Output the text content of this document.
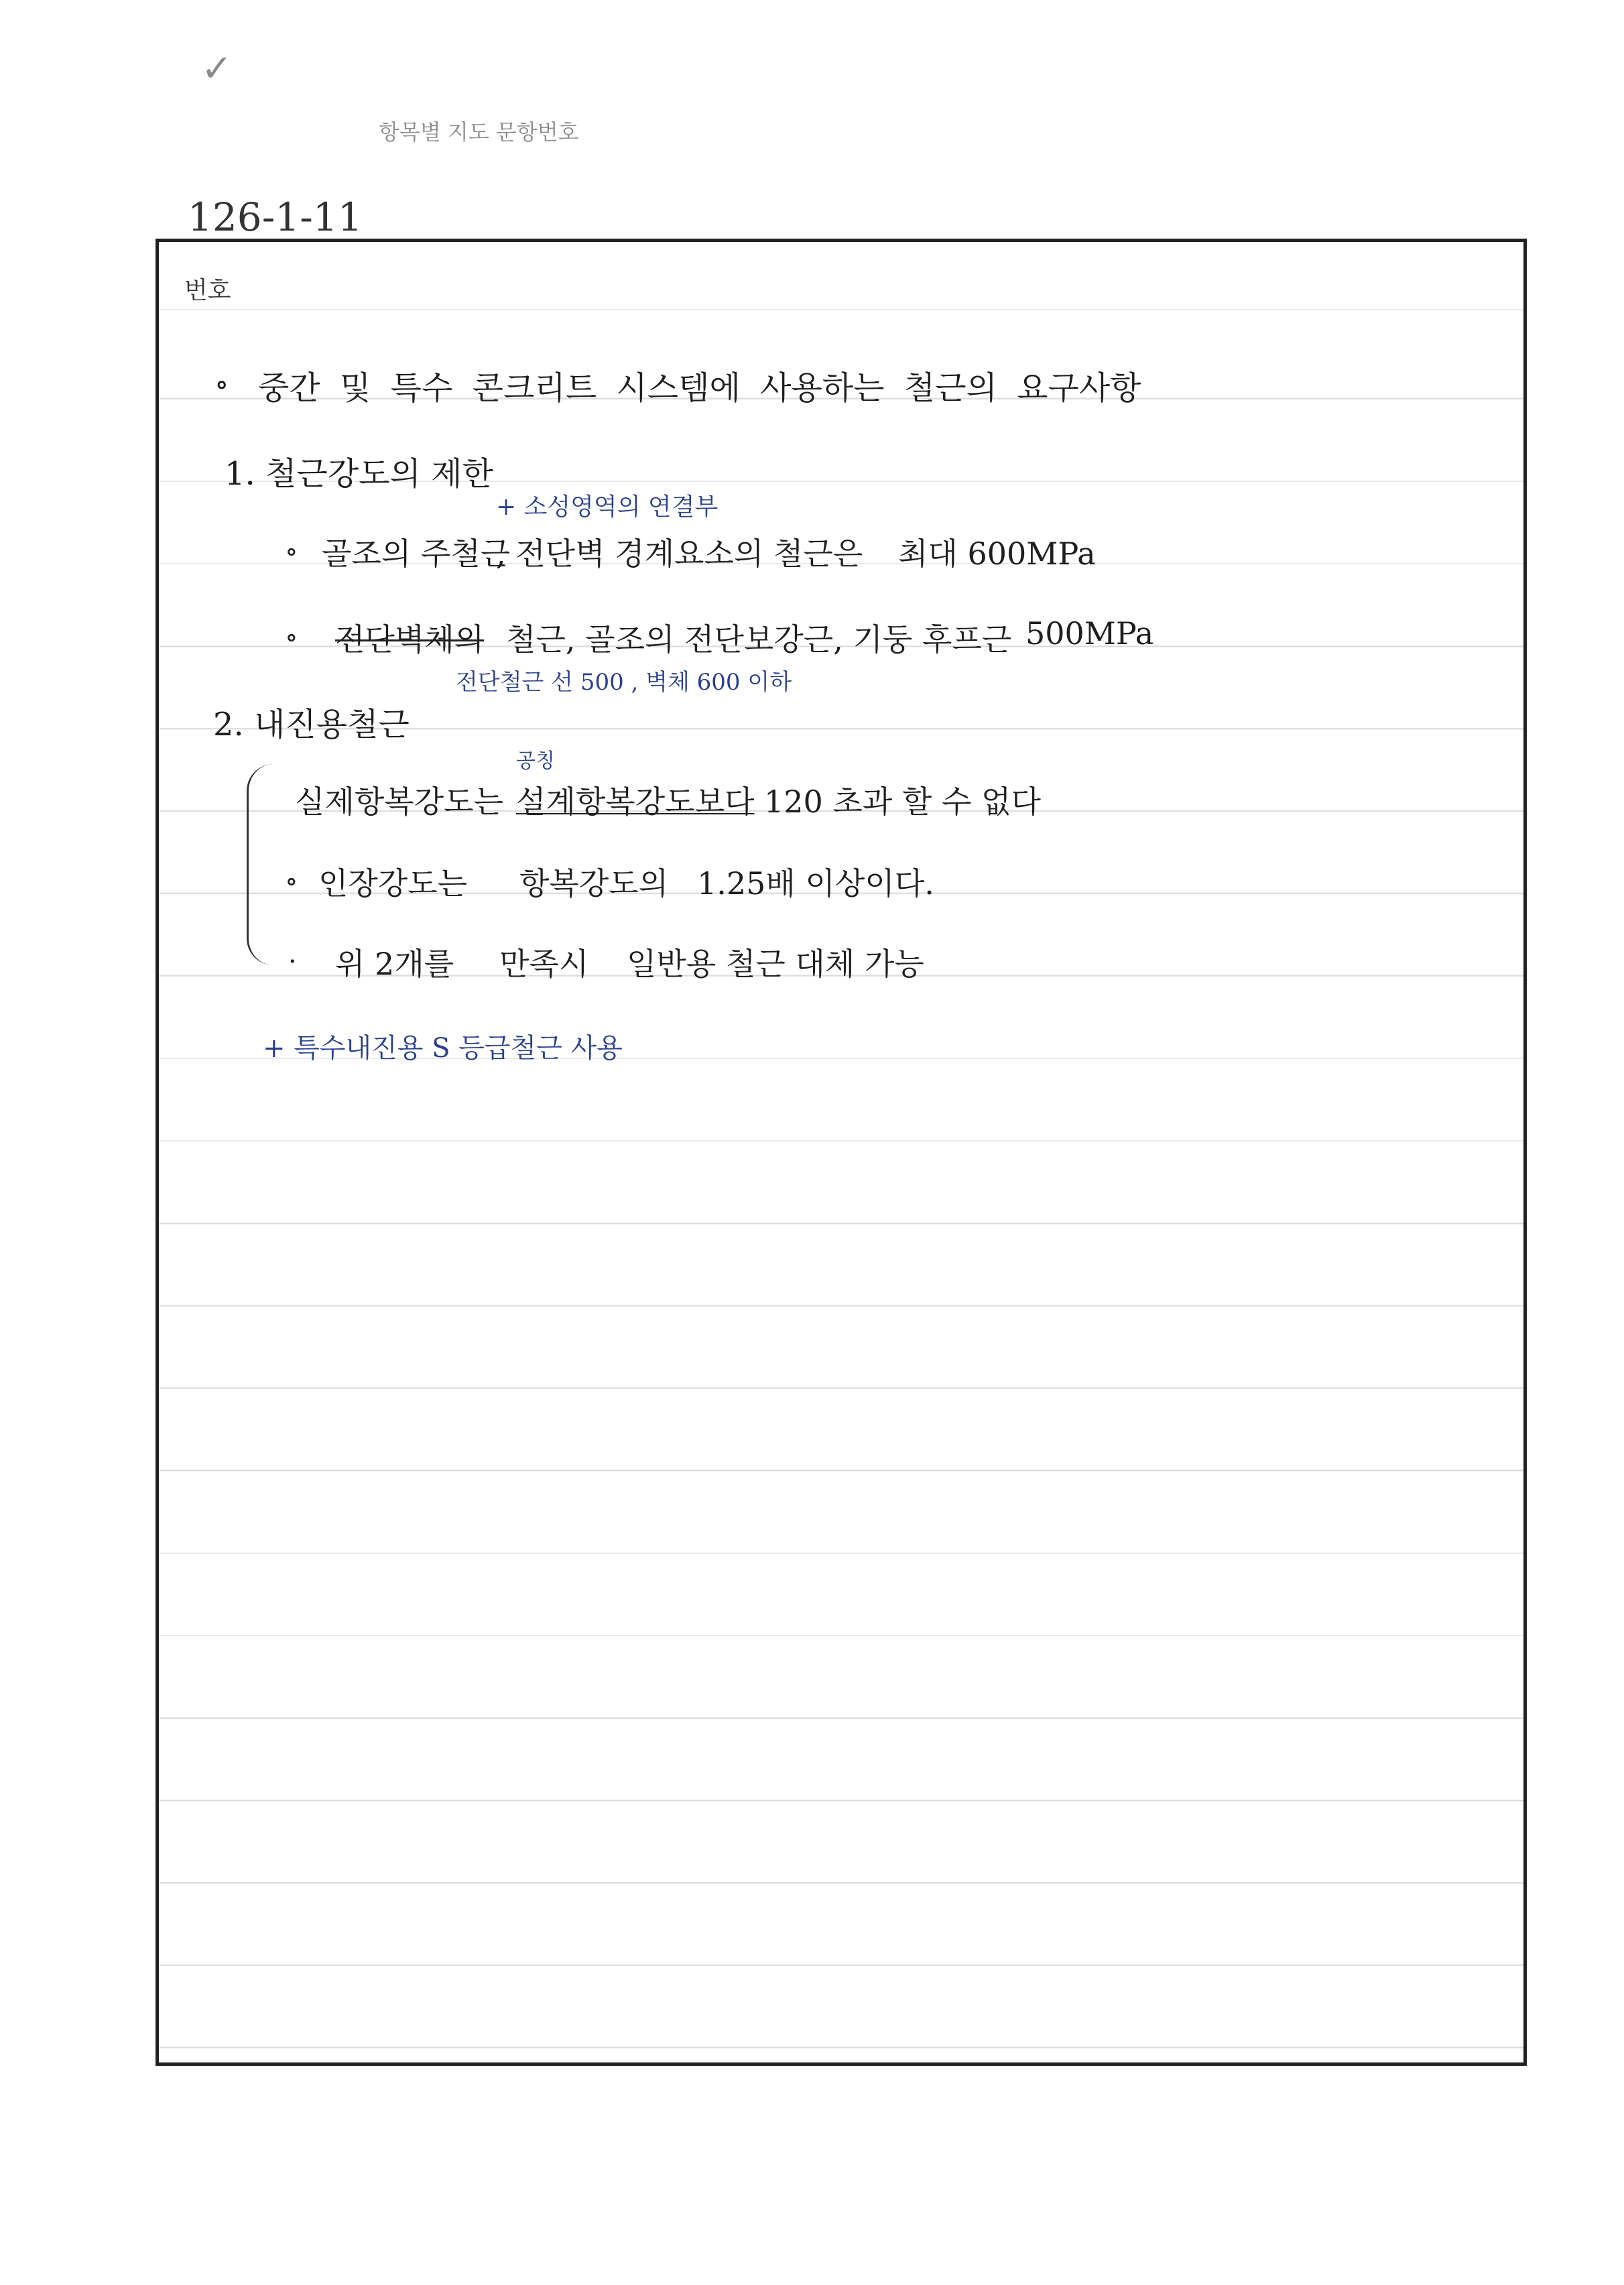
✓
항목별 지도 문항번호
126-1-11
번호
∘ 중간 및 특수 콘크리트 시스템에 사용하는 철근의 요구사항
1. 철근강도의 제한
+ 소성영역의 연결부
∘ 골조의 주철근
, 전단벽 경계요소의 철근은 최대 600MPa
∘ 전단벽체의 철근, 골조의 전단보강근, 기둥 후프근 500MPa
전단철근 선 500 , 벽체 600 이하
2. 내진용철근
공칭
실제항복강도는 설계항복강도보다 120 초과 할 수 없다
∘ 인장강도는 항복강도의 1.25배 이상이다.
· 위 2개를 만족시 일반용 철근 대체 가능
+ 특수내진용 S 등급철근 사용
